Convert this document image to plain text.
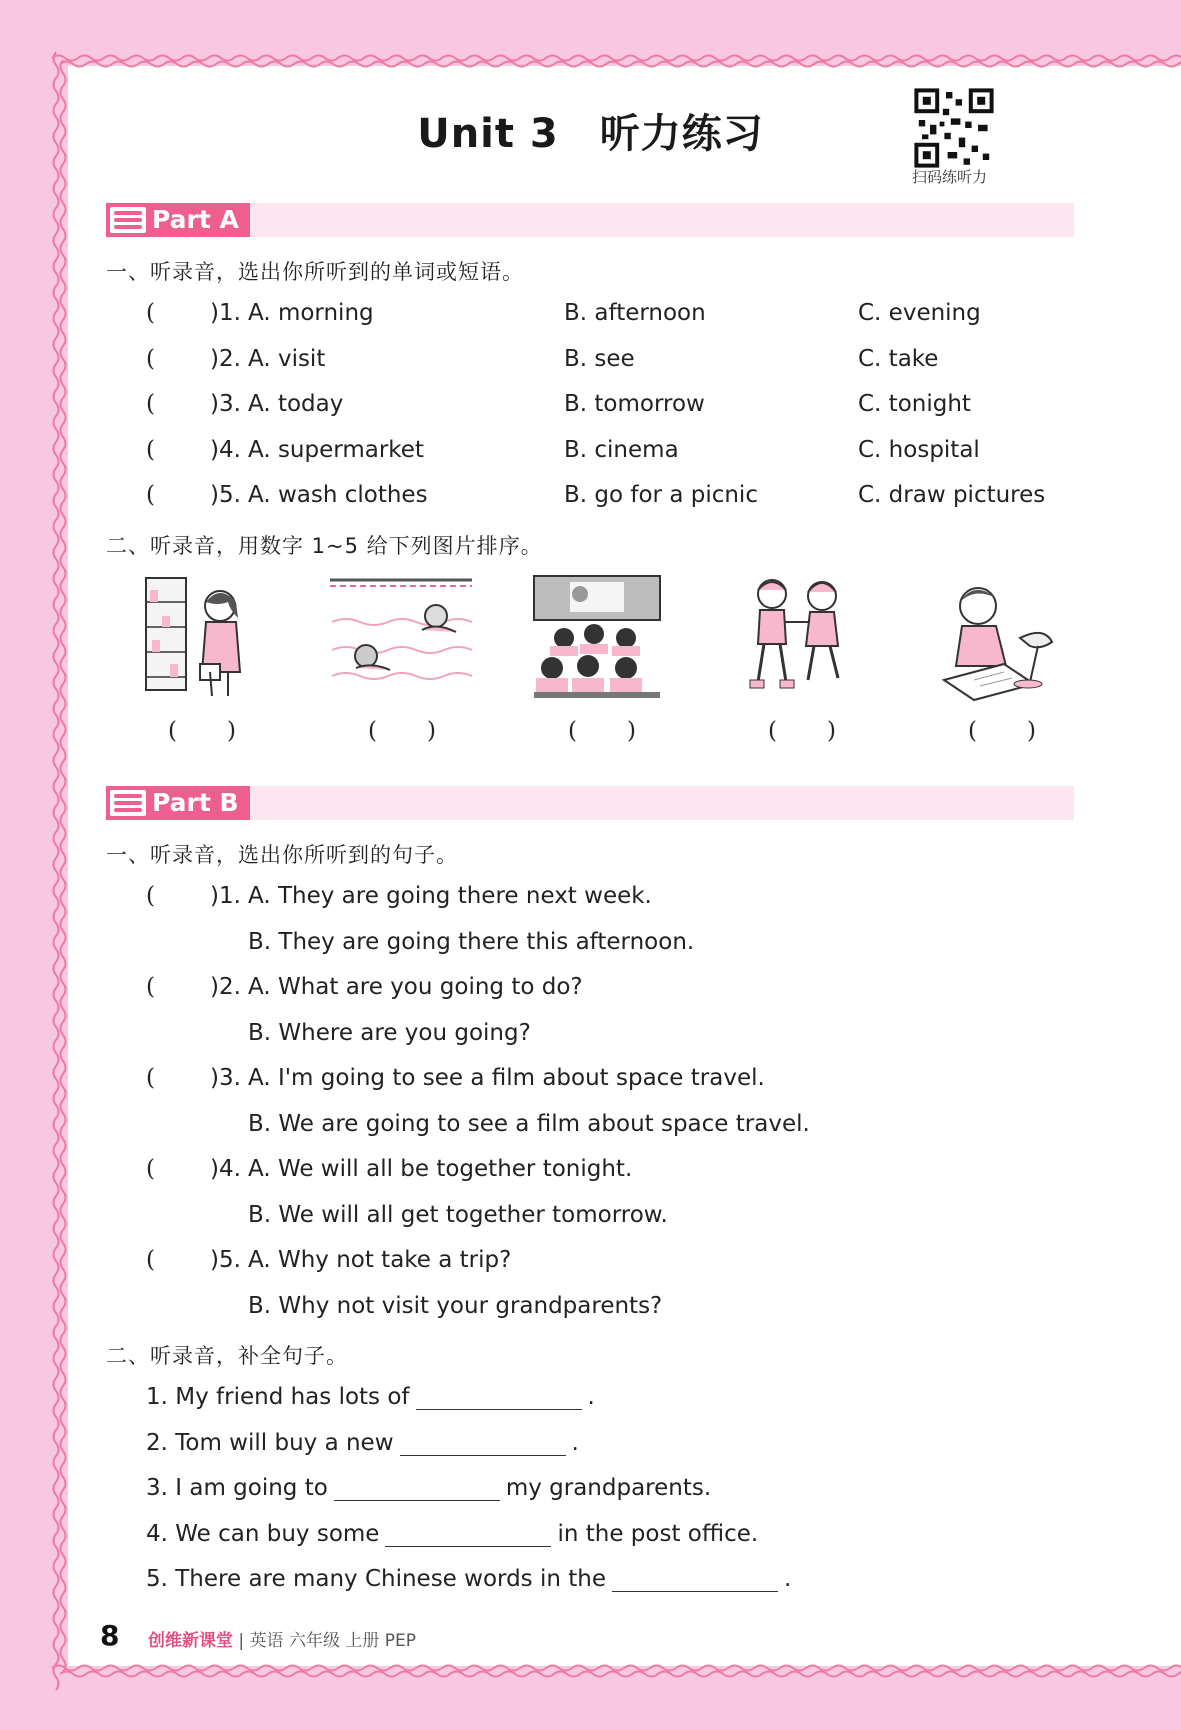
Unit 3　听力练习
扫码练听力
Part A
一、听录音，选出你所听到的单词或短语。
( )1. A. morning	B. afternoon	C. evening
( )2. A. visit	B. see	C. take
( )3. A. today	B. tomorrow	C. tonight
( )4. A. supermarket	B. cinema	C. hospital
( )5. A. wash clothes	B. go for a picnic	C. draw pictures
二、听录音，用数字 1~5 给下列图片排序。
()	()	()	()	()
Part B
一、听录音，选出你所听到的句子。
( )1. A. They are going there next week.
B. They are going there this afternoon.
( )2. A. What are you going to do?
B. Where are you going?
( )3. A. I'm going to see a film about space travel.
B. We are going to see a film about space travel.
( )4. A. We will all be together tonight.
B. We will all get together tomorrow.
( )5. A. Why not take a trip?
B. Why not visit your grandparents?
二、听录音，补全句子。
1. My friend has lots of	.
2. Tom will buy a new	.
3. I am going to	my grandparents.
4. We can buy some	in the post office.
5. There are many Chinese words in the	.
8 创维新课堂 | 英语 六年级 上册 PEP
